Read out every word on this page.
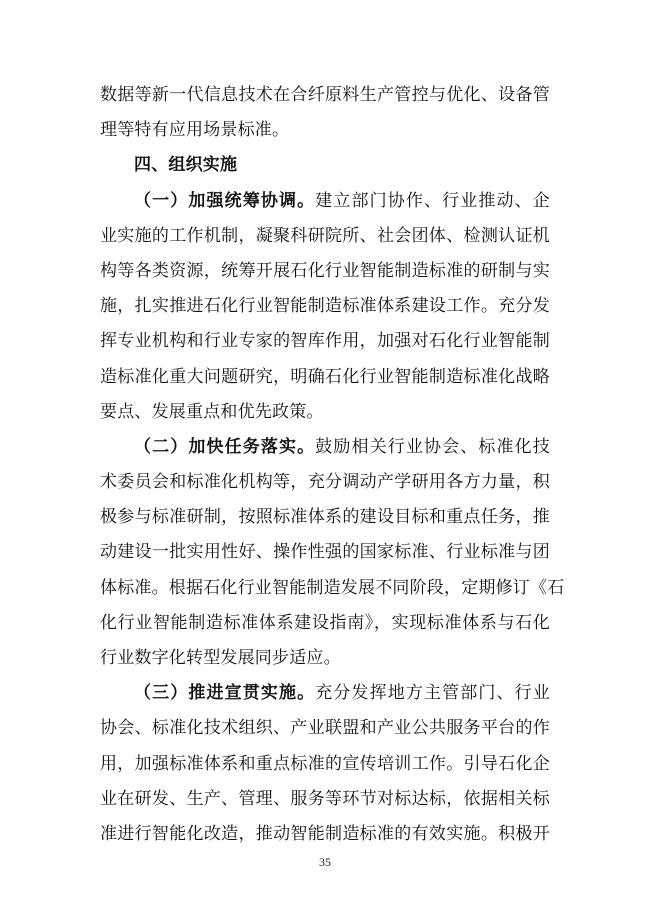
数据等新一代信息技术在合纤原料生产管控与优化、设备管
理等特有应用场景标准。
四、组织实施
（一）加强统筹协调。建立部门协作、行业推动、企
业实施的工作机制，凝聚科研院所、社会团体、检测认证机
构等各类资源，统筹开展石化行业智能制造标准的研制与实
施，扎实推进石化行业智能制造标准体系建设工作。充分发
挥专业机构和行业专家的智库作用，加强对石化行业智能制
造标准化重大问题研究，明确石化行业智能制造标准化战略
要点、发展重点和优先政策。
（二）加快任务落实。鼓励相关行业协会、标准化技
术委员会和标准化机构等，充分调动产学研用各方力量，积
极参与标准研制，按照标准体系的建设目标和重点任务，推
动建设一批实用性好、操作性强的国家标准、行业标准与团
体标准。根据石化行业智能制造发展不同阶段，定期修订《石
化行业智能制造标准体系建设指南》，实现标准体系与石化
行业数字化转型发展同步适应。
（三）推进宣贯实施。充分发挥地方主管部门、行业
协会、标准化技术组织、产业联盟和产业公共服务平台的作
用，加强标准体系和重点标准的宣传培训工作。引导石化企
业在研发、生产、管理、服务等环节对标达标，依据相关标
准进行智能化改造，推动智能制造标准的有效实施。积极开
35
